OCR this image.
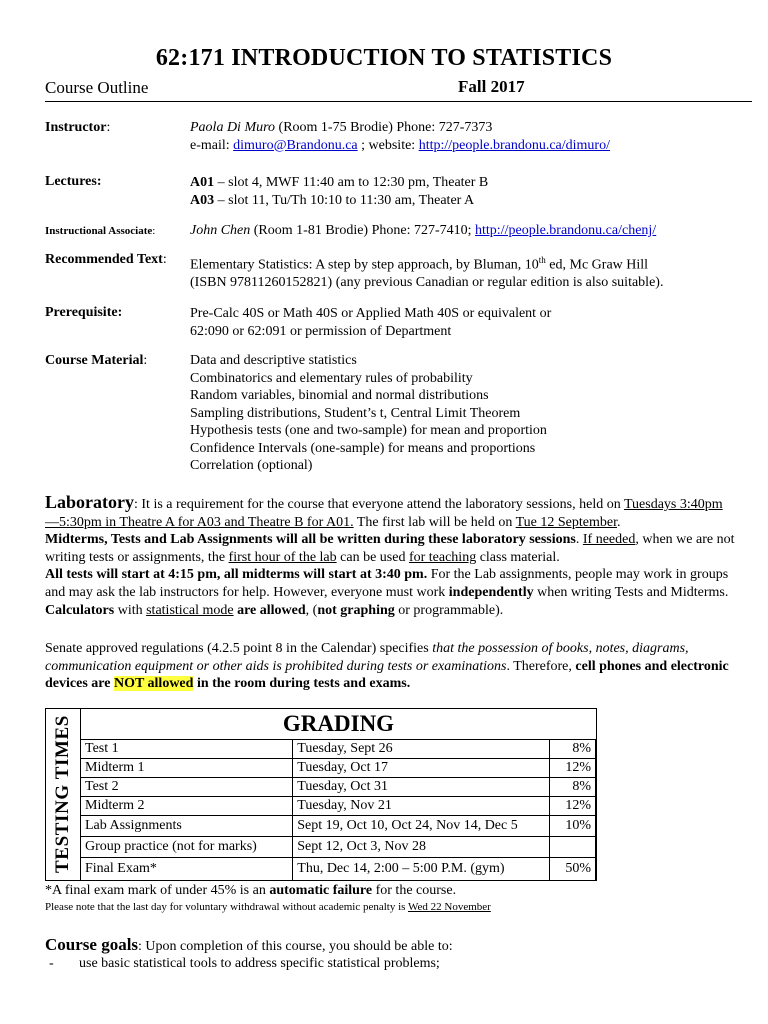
62:171 INTRODUCTION TO STATISTICS
Course Outline	Fall 2017
Instructor:	Paola Di Muro (Room 1-75 Brodie) Phone: 727-7373
e-mail: dimuro@Brandonu.ca ; website: http://people.brandonu.ca/dimuro/
Lectures:	A01 – slot 4, MWF 11:40 am to 12:30 pm, Theater B
A03 – slot 11, Tu/Th 10:10 to 11:30 am, Theater A
Instructional Associate: John Chen (Room 1-81 Brodie) Phone: 727-7410; http://people.brandonu.ca/chenj/
Recommended Text: Elementary Statistics: A step by step approach, by Bluman, 10th ed, Mc Graw Hill
(ISBN 97811260152821) (any previous Canadian or regular edition is also suitable).
Prerequisite:	Pre-Calc 40S or Math 40S or Applied Math 40S or equivalent or
62:090 or 62:091 or permission of Department
Course Material:	Data and descriptive statistics
Combinatorics and elementary rules of probability
Random variables, binomial and normal distributions
Sampling distributions, Student’s t, Central Limit Theorem
Hypothesis tests (one and two-sample) for mean and proportion
Confidence Intervals (one-sample) for means and proportions
Correlation (optional)

Laboratory: It is a requirement for the course that everyone attend the laboratory sessions, held on Tuesdays 3:40pm—5:30pm in Theatre A for A03 and Theatre B for A01. The first lab will be held on Tue 12 September.

Midterms, Tests and Lab Assignments will all be written during these laboratory sessions. If needed, when we are not writing tests or assignments, the first hour of the lab can be used for teaching class material.

All tests will start at 4:15 pm, all midterms will start at 3:40 pm. For the Lab assignments, people may work in groups and may ask the lab instructors for help. However, everyone must work independently when writing Tests and Midterms. Calculators with statistical mode are allowed, (not graphing or programmable).

Senate approved regulations (4.2.5 point 8 in the Calendar) specifies that the possession of books, notes, diagrams, communication equipment or other aids is prohibited during tests or examinations. Therefore, cell phones and electronic devices are NOT allowed in the room during tests and exams.

TESTING TIMES	GRADING
Test 1	Tuesday, Sept 26	8%
Midterm 1	Tuesday, Oct 17	12%
Test 2	Tuesday, Oct 31	8%
Midterm 2	Tuesday, Nov 21	12%
Lab Assignments	Sept 19, Oct 10, Oct 24, Nov 14, Dec 5	10%
Group practice (not for marks)	Sept 12, Oct 3, Nov 28	
Final Exam*	Thu, Dec 14, 2:00 – 5:00 P.M. (gym)	50%
*A final exam mark of under 45% is an automatic failure for the course.
Please note that the last day for voluntary withdrawal without academic penalty is Wed 22 November
Course goals: Upon completion of this course, you should be able to:
- use basic statistical tools to address specific statistical problems;
